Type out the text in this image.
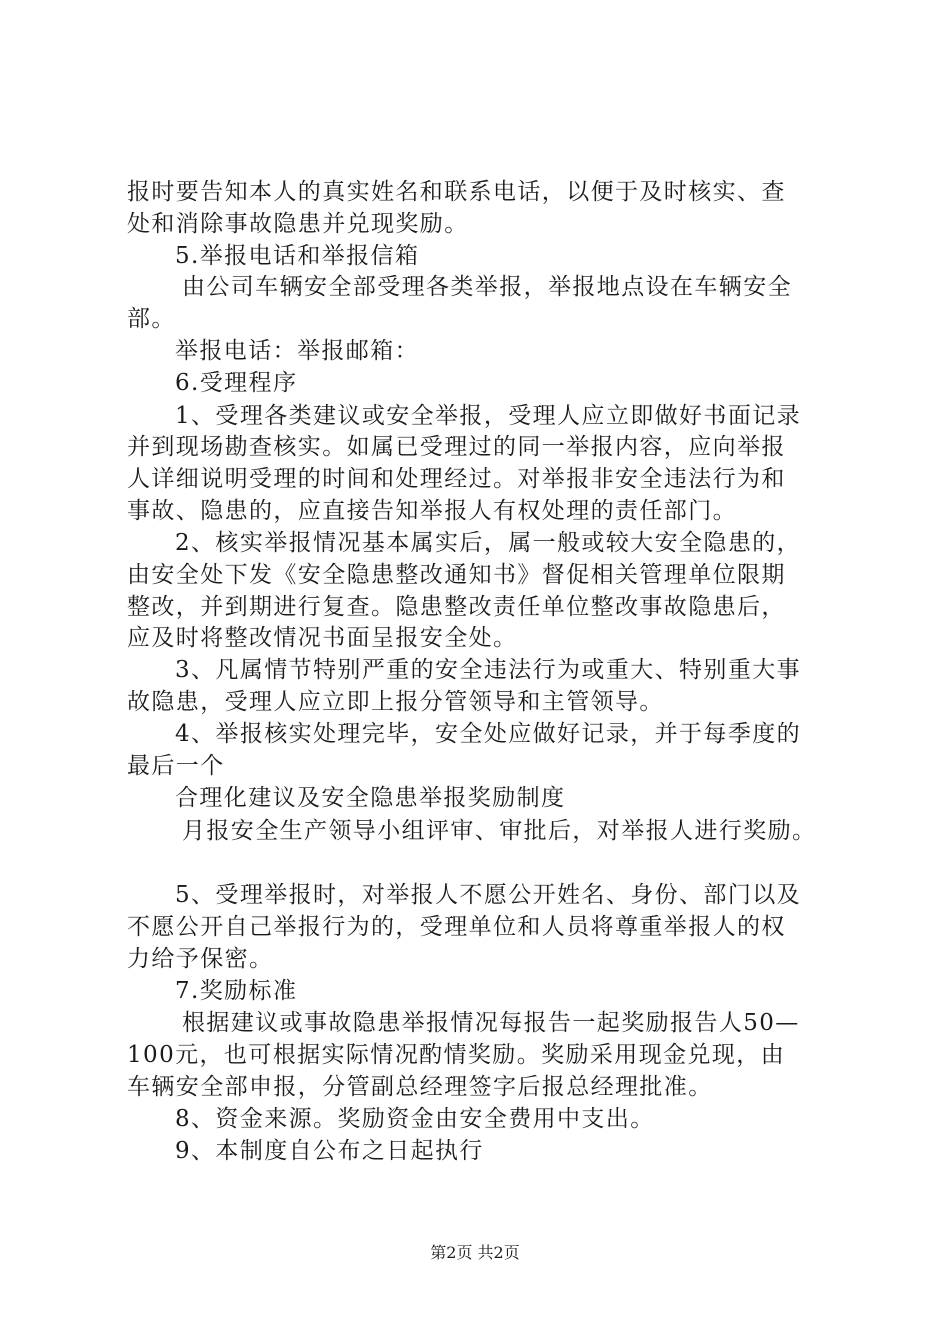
报时要告知本人的真实姓名和联系电话，以便于及时核实、查
处和消除事故隐患并兑现奖励。
5.举报电话和举报信箱
由公司车辆安全部受理各类举报，举报地点设在车辆安全
部。
举报电话：举报邮箱：
6.受理程序
1、受理各类建议或安全举报，受理人应立即做好书面记录
并到现场勘查核实。如属已受理过的同一举报内容，应向举报
人详细说明受理的时间和处理经过。对举报非安全违法行为和
事故、隐患的，应直接告知举报人有权处理的责任部门。
2、核实举报情况基本属实后，属一般或较大安全隐患的，
由安全处下发《安全隐患整改通知书》督促相关管理单位限期
整改，并到期进行复查。隐患整改责任单位整改事故隐患后，
应及时将整改情况书面呈报安全处。
3、凡属情节特别严重的安全违法行为或重大、特别重大事
故隐患，受理人应立即上报分管领导和主管领导。
4、举报核实处理完毕，安全处应做好记录，并于每季度的
最后一个
合理化建议及安全隐患举报奖励制度
月报安全生产领导小组评审、审批后，对举报人进行奖励。
5、受理举报时，对举报人不愿公开姓名、身份、部门以及
不愿公开自己举报行为的，受理单位和人员将尊重举报人的权
力给予保密。
7.奖励标准
根据建议或事故隐患举报情况每报告一起奖励报告人50—
100元，也可根据实际情况酌情奖励。奖励采用现金兑现，由
车辆安全部申报，分管副总经理签字后报总经理批准。
8、资金来源。奖励资金由安全费用中支出。
9、本制度自公布之日起执行
第2页 共2页
